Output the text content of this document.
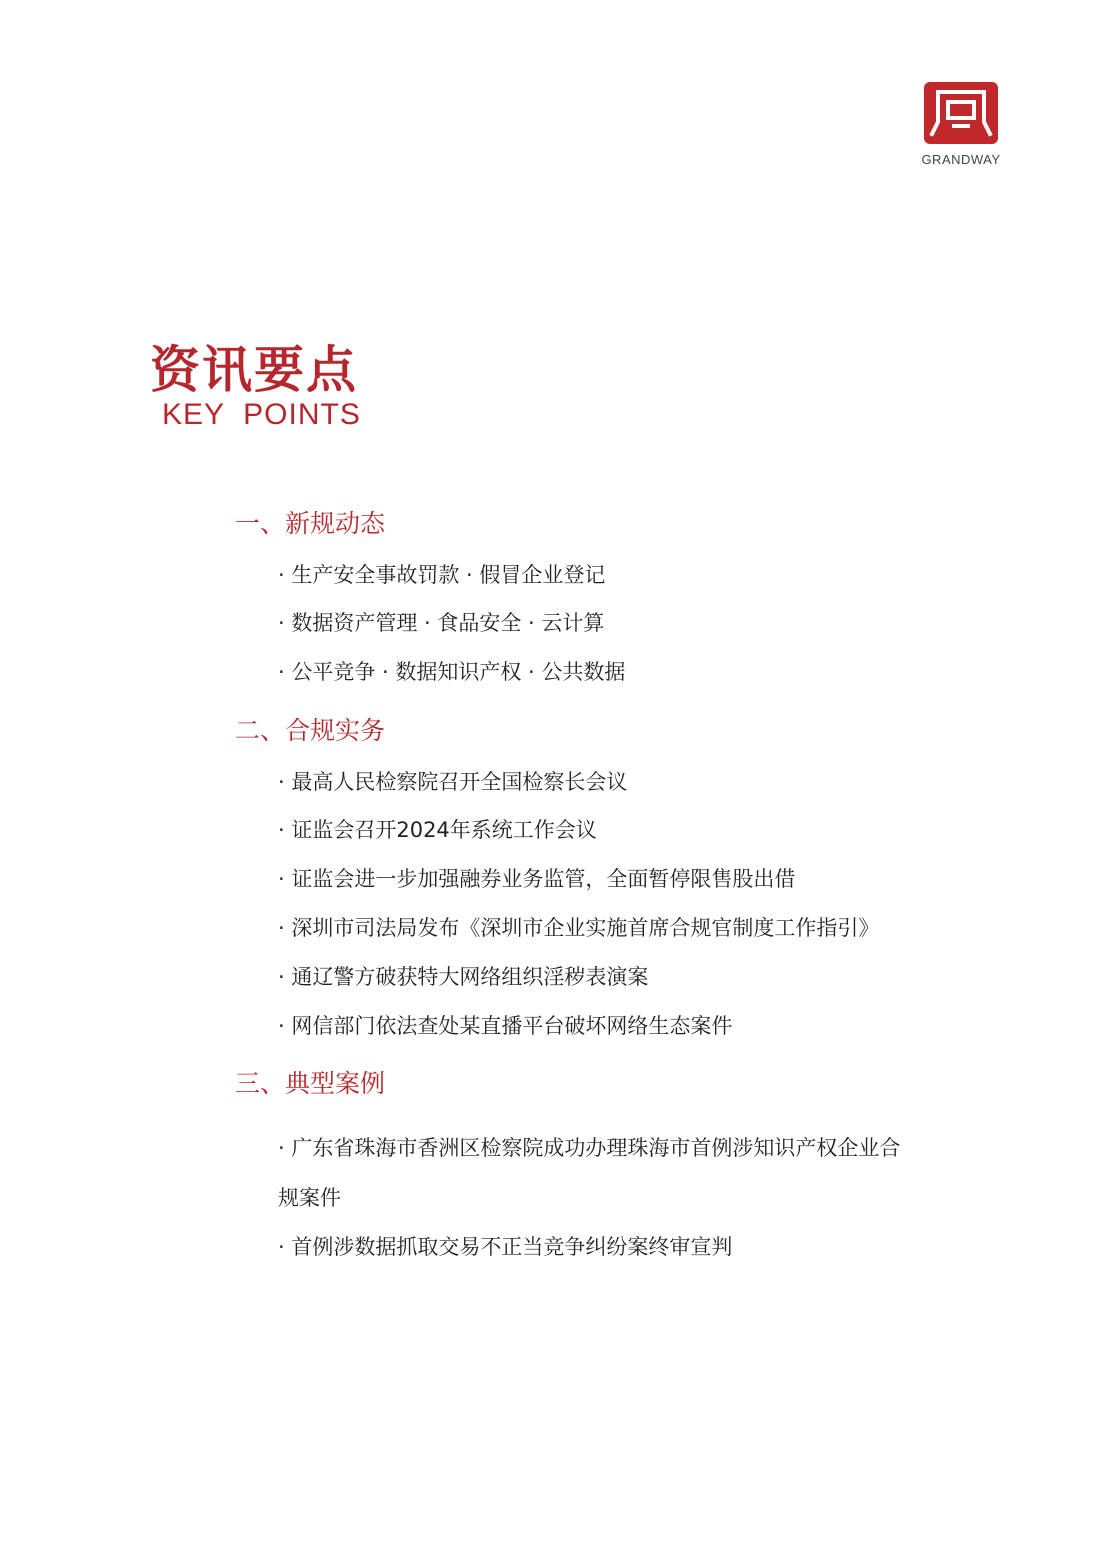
GRANDWAY
资讯要点
KEY  POINTS
一、新规动态
· 生产安全事故罚款 · 假冒企业登记
· 数据资产管理 · 食品安全 · 云计算
· 公平竞争 · 数据知识产权 · 公共数据
二、合规实务
· 最高人民检察院召开全国检察长会议
· 证监会召开2024年系统工作会议
· 证监会进一步加强融券业务监管，全面暂停限售股出借
· 深圳市司法局发布《深圳市企业实施首席合规官制度工作指引》
· 通辽警方破获特大网络组织淫秽表演案
· 网信部门依法查处某直播平台破坏网络生态案件
三、典型案例
· 广东省珠海市香洲区检察院成功办理珠海市首例涉知识产权企业合
规案件
· 首例涉数据抓取交易不正当竞争纠纷案终审宣判
